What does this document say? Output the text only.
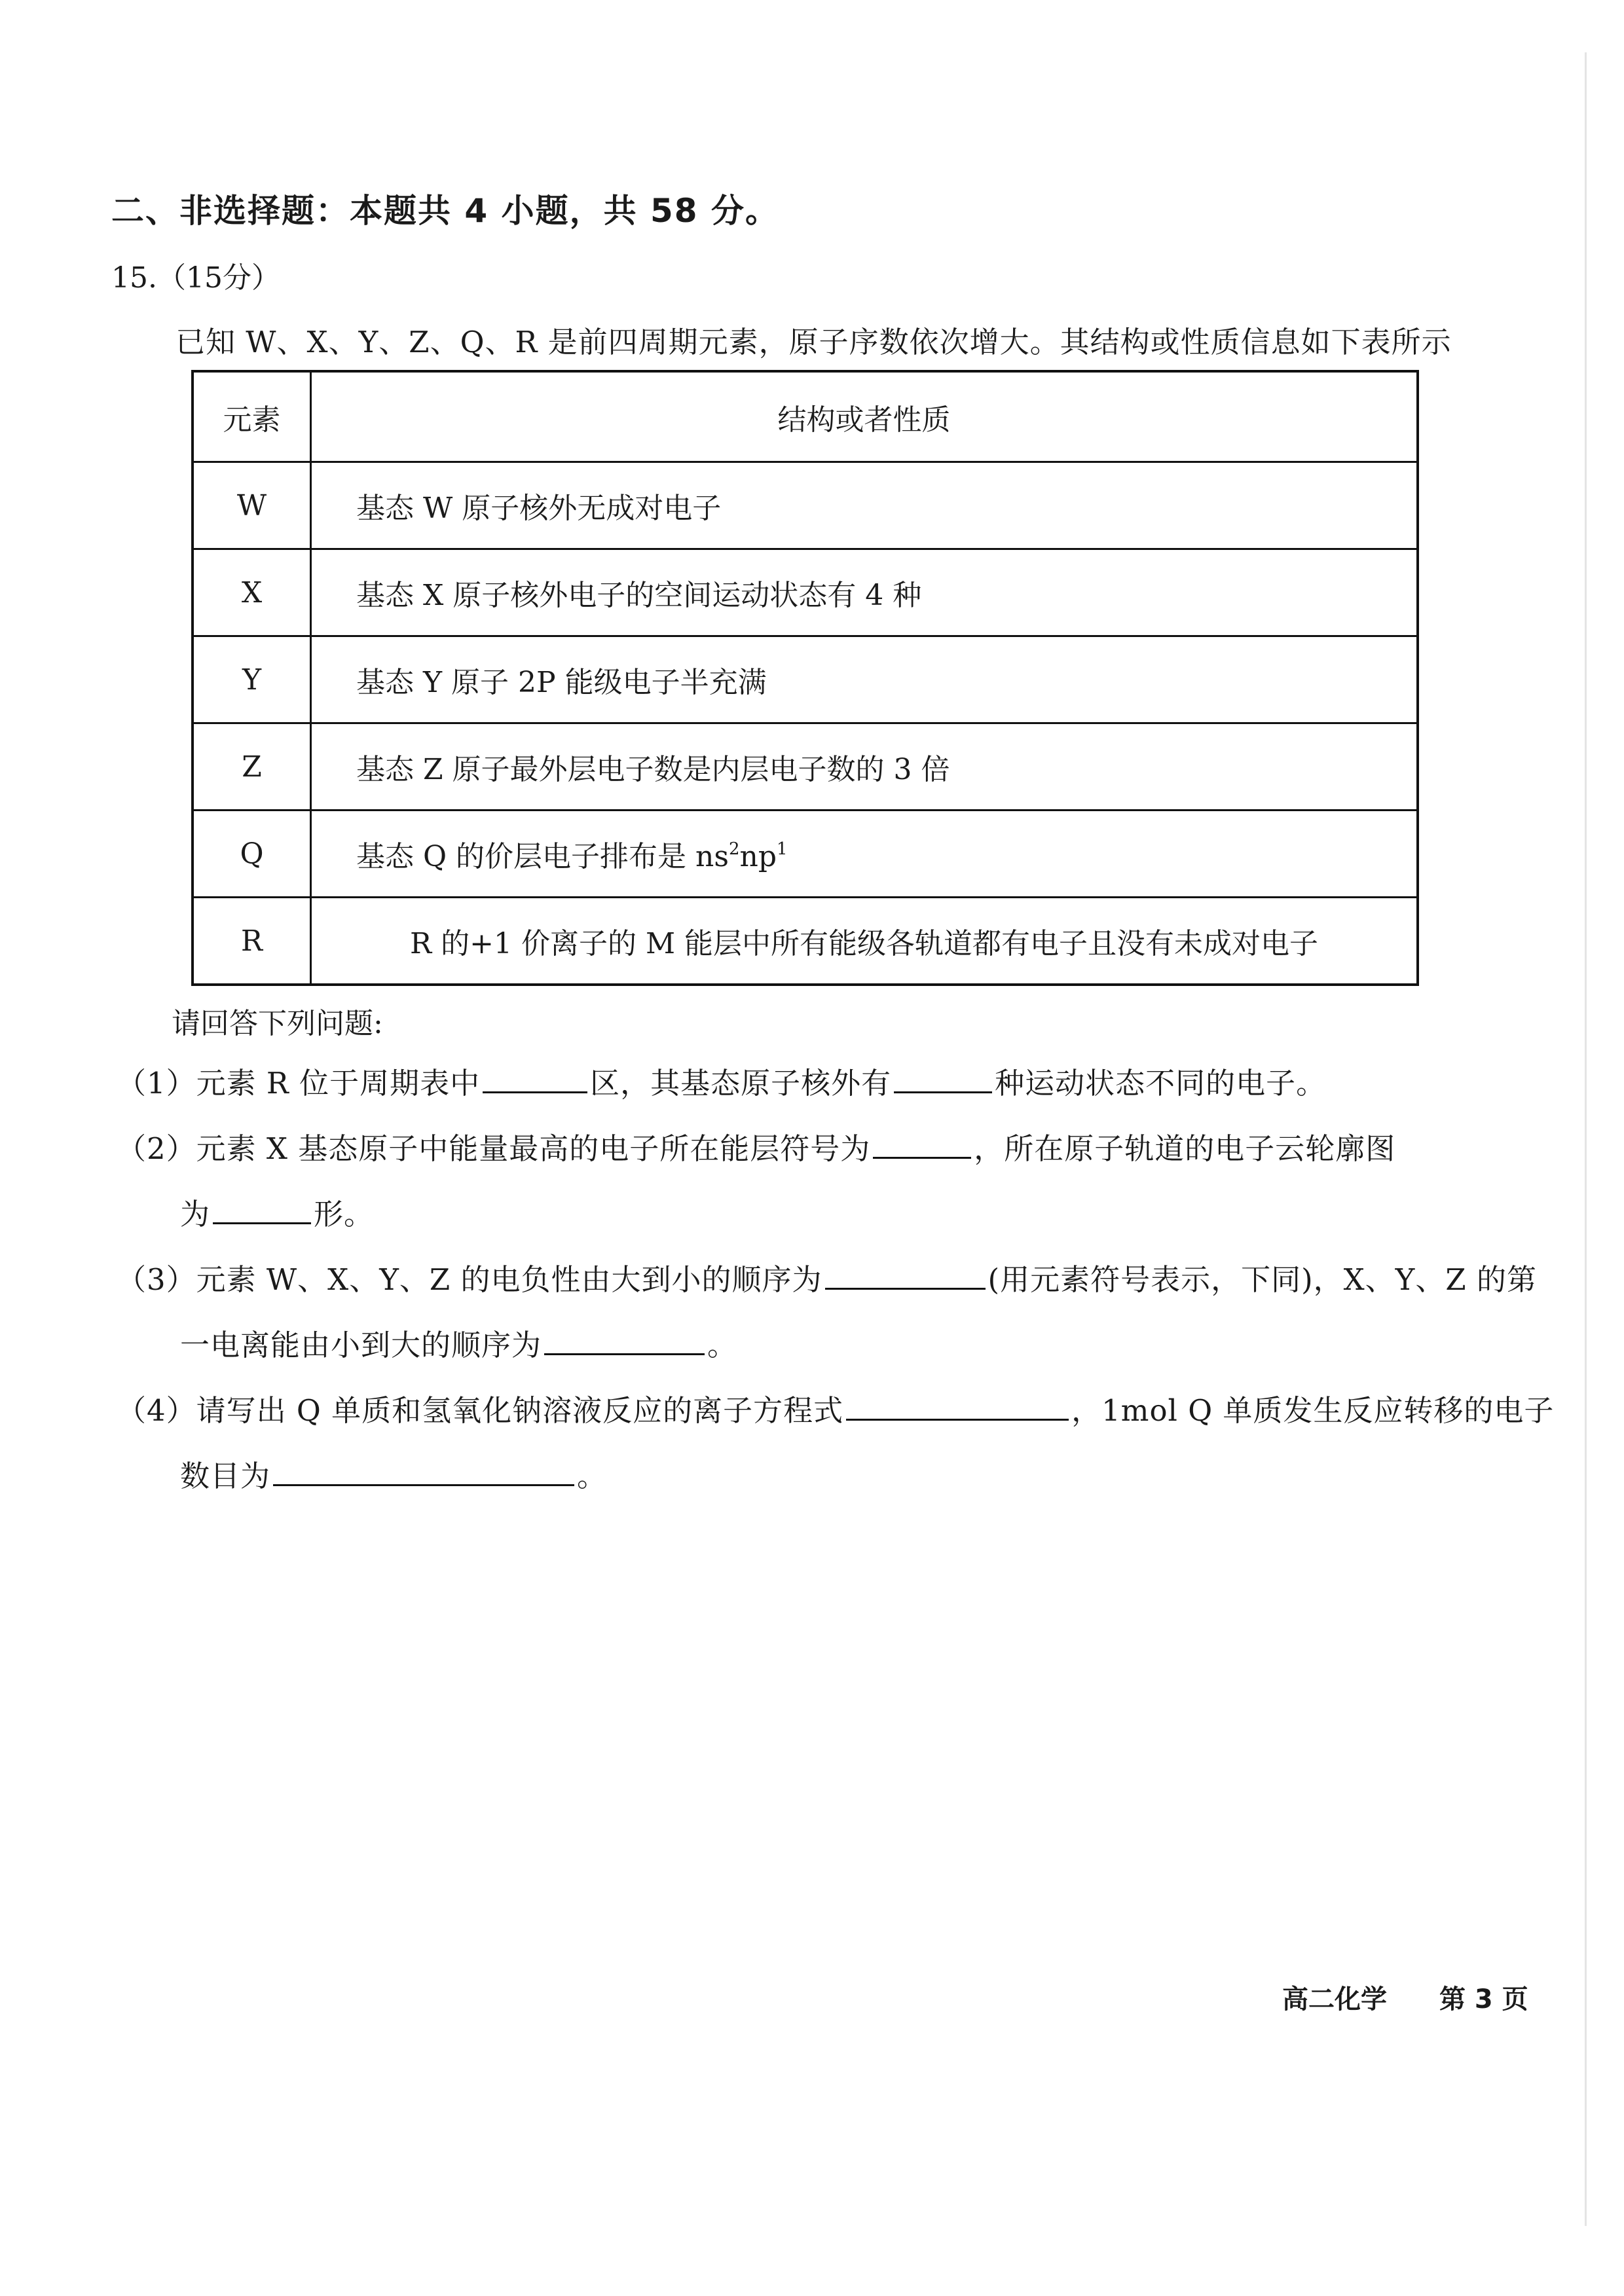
二、非选择题：本题共 4 小题，共 58 分。
15.（15分）
已知 W、X、Y、Z、Q、R 是前四周期元素，原子序数依次增大。其结构或性质信息如下表所示
元素	结构或者性质
W	基态 W 原子核外无成对电子
X	基态 X 原子核外电子的空间运动状态有 4 种
Y	基态 Y 原子 2P 能级电子半充满
Z	基态 Z 原子最外层电子数是内层电子数的 3 倍
Q	基态 Q 的价层电子排布是 $ns^2np^1$
R	R 的+1 价离子的 M 能层中所有能级各轨道都有电子且没有未成对电子
请回答下列问题:
（1）元素 R 位于周期表中	区，其基态原子核外有	种运动状态不同的电子。
（2）元素 X 基态原子中能量最高的电子所在能层符号为	，所在原子轨道的电子云轮廓图
为	形。
（3）元素 W、X、Y、Z 的电负性由大到小的顺序为	(用元素符号表示，下同)，X、Y、Z 的第
一电离能由小到大的顺序为	。
（4）请写出 Q 单质和氢氧化钠溶液反应的离子方程式	，1mol Q 单质发生反应转移的电子
数目为	。
高二化学 第 3 页
